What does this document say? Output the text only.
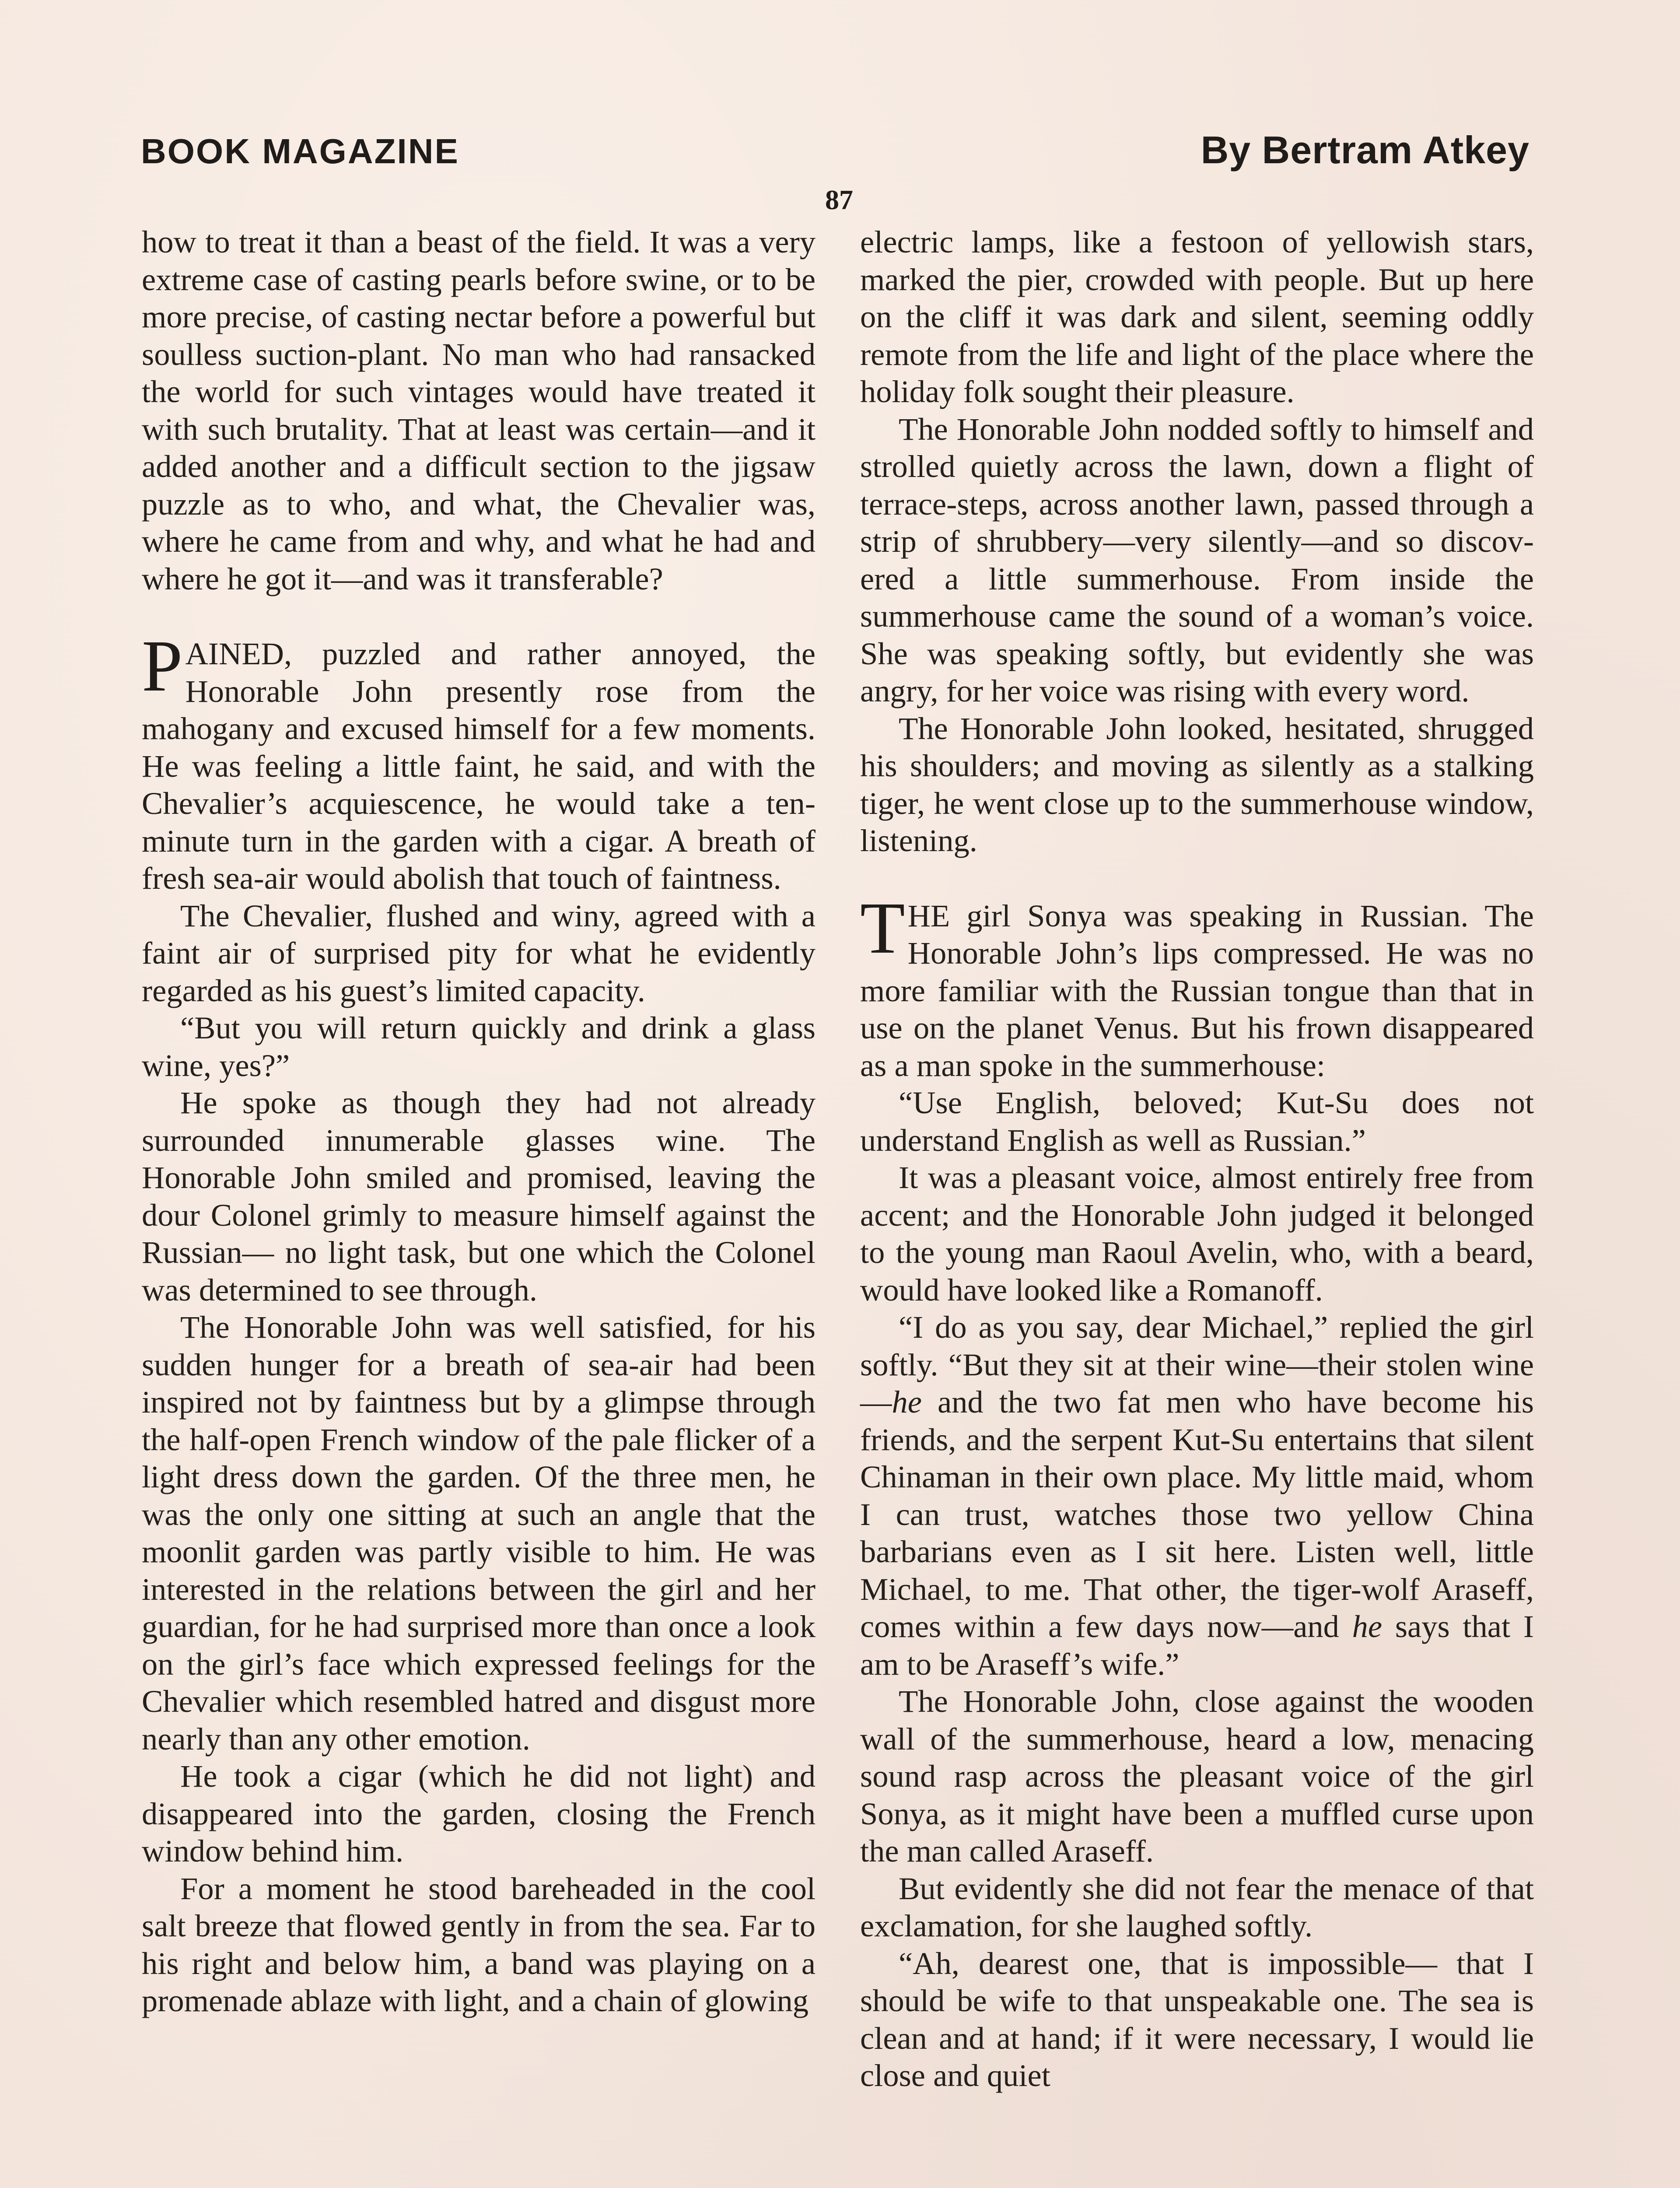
BOOK MAGAZINE	By Bertram Atkey
87

how to treat it than a beast of the field. It was a very extreme case of casting pearls before swine, or to be more precise, of casting nectar before a powerful but soulless suction-plant. No man who had ransacked the world for such vintages would have treated it with such brutality. That at least was certain—and it added another and a difficult section to the jigsaw puzzle as to who, and what, the Chevalier was, where he came from and why, and what he had and where he got it—and was it transferable?

PAINED, puzzled and rather annoyed, the Honorable John presently rose from the mahogany and excused himself for a few moments. He was feeling a little faint, he said, and with the Chevalier’s acquiescence, he would take a ten-minute turn in the garden with a cigar. A breath of fresh sea-air would abolish that touch of faintness.

The Chevalier, flushed and winy, agreed with a faint air of surprised pity for what he evidently regarded as his guest’s limited capacity.

“But you will return quickly and drink a glass wine, yes?”

He spoke as though they had not already surrounded innumerable glasses wine. The Honorable John smiled and promised, leaving the dour Colonel grimly to measure himself against the Russian— no light task, but one which the Colonel was determined to see through.

The Honorable John was well satisfied, for his sudden hunger for a breath of sea-air had been inspired not by faintness but by a glimpse through the half-open French window of the pale flicker of a light dress down the garden. Of the three men, he was the only one sitting at such an angle that the moonlit garden was partly visible to him. He was interested in the relations between the girl and her guardian, for he had surprised more than once a look on the girl’s face which expressed feelings for the Chevalier which resembled hatred and disgust more nearly than any other emotion.

He took a cigar (which he did not light) and disappeared into the garden, closing the French window behind him.

For a moment he stood bareheaded in the cool salt breeze that flowed gently in from the sea. Far to his right and below him, a band was playing on a promenade ablaze with light, and a chain of glowing

electric lamps, like a festoon of yellowish stars, marked the pier, crowded with people. But up here on the cliff it was dark and silent, seeming oddly remote from the life and light of the place where the holiday folk sought their pleasure.

The Honorable John nodded softly to himself and strolled quietly across the lawn, down a flight of terrace-steps, across another lawn, passed through a strip of shrubbery—very silently—and so discovered a little summerhouse. From inside the summerhouse came the sound of a woman’s voice. She was speaking softly, but evidently she was angry, for her voice was rising with every word.

The Honorable John looked, hesitated, shrugged his shoulders; and moving as silently as a stalking tiger, he went close up to the summerhouse window, listening.

THE girl Sonya was speaking in Russian. The Honorable John’s lips compressed. He was no more familiar with the Russian tongue than that in use on the planet Venus. But his frown disappeared as a man spoke in the summerhouse:

“Use English, beloved; Kut-Su does not understand English as well as Russian.”

It was a pleasant voice, almost entirely free from accent; and the Honorable John judged it belonged to the young man Raoul Avelin, who, with a beard, would have looked like a Romanoff.

“I do as you say, dear Michael,” replied the girl softly. “But they sit at their wine—their stolen wine—he and the two fat men who have become his friends, and the serpent Kut-Su entertains that silent Chinaman in their own place. My little maid, whom I can trust, watches those two yellow China barbarians even as I sit here. Listen well, little Michael, to me. That other, the tiger-wolf Araseff, comes within a few days now—and he says that I am to be Araseff’s wife.”

The Honorable John, close against the wooden wall of the summerhouse, heard a low, menacing sound rasp across the pleasant voice of the girl Sonya, as it might have been a muffled curse upon the man called Araseff.

But evidently she did not fear the menace of that exclamation, for she laughed softly.

“Ah, dearest one, that is impossible— that I should be wife to that unspeakable one. The sea is clean and at hand; if it were necessary, I would lie close and quiet
